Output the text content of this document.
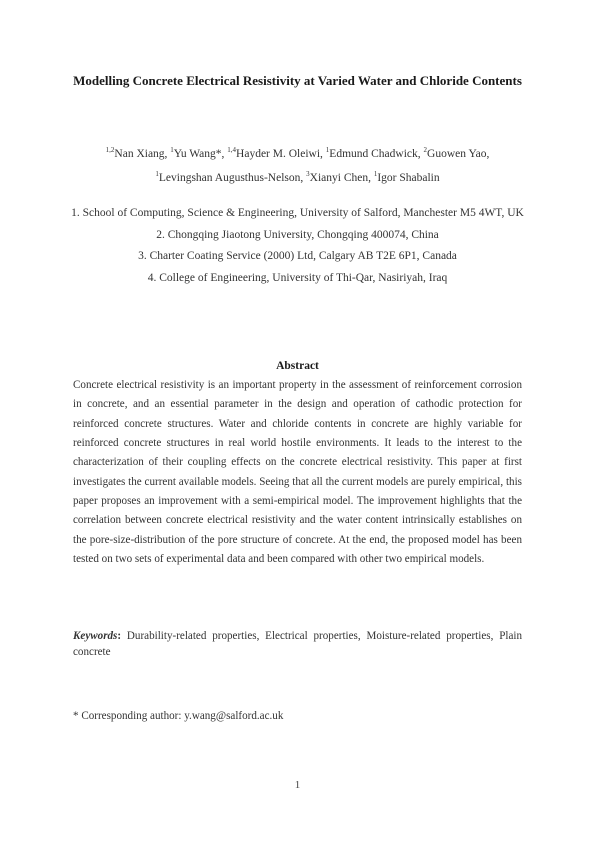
Modelling Concrete Electrical Resistivity at Varied Water and Chloride Contents
$^{1,2}$Nan Xiang, $^1$Yu Wang*, $^{1,4}$Hayder M. Oleiwi, $^1$Edmund Chadwick, $^2$Guowen Yao,
$^1$Levingshan Augusthus-Nelson, $^3$Xianyi Chen, $^1$Igor Shabalin
1. School of Computing, Science & Engineering, University of Salford, Manchester M5 4WT, UK
2. Chongqing Jiaotong University, Chongqing 400074, China
3. Charter Coating Service (2000) Ltd, Calgary AB T2E 6P1, Canada
4. College of Engineering, University of Thi-Qar, Nasiriyah, Iraq
Abstract
Concrete electrical resistivity is an important property in the assessment of reinforcement corrosion in concrete, and an essential parameter in the design and operation of cathodic protection for reinforced concrete structures. Water and chloride contents in concrete are highly variable for reinforced concrete structures in real world hostile environments. It leads to the interest to the characterization of their coupling effects on the concrete electrical resistivity. This paper at first investigates the current available models. Seeing that all the current models are purely empirical, this paper proposes an improvement with a semi-empirical model. The improvement highlights that the correlation between concrete electrical resistivity and the water content intrinsically establishes on the pore-size-distribution of the pore structure of concrete. At the end, the proposed model has been tested on two sets of experimental data and been compared with other two empirical models.
Keywords: Durability-related properties, Electrical properties, Moisture-related properties, Plain concrete
* Corresponding author: y.wang@salford.ac.uk
1
